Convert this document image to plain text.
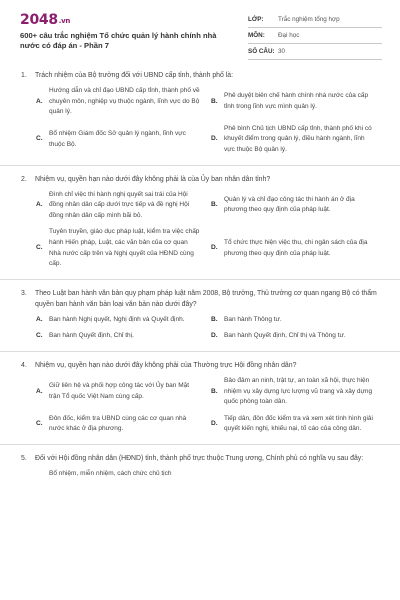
2048.vn
600+ câu trắc nghiệm Tổ chức quản lý hành chính nhà nước có đáp án - Phần 7
LỚP:	Trắc nghiệm tổng hợp
MÔN:	Đại học
SỐ CÂU: 30
1.	Trách nhiệm của Bộ trưởng đối với UBND cấp tỉnh, thành phố là:
A.
Hướng dẫn và chỉ đạo UBND cấp tỉnh, thành phố về chuyên môn, nghiệp vụ thuộc ngành, lĩnh vực do Bộ quản lý.
B.
Phê duyệt biên chế hành chính nhà nước của cấp tỉnh trong lĩnh vực mình quản lý.
C.
Bổ nhiệm Giám đốc Sở quản lý ngành, lĩnh vực thuộc Bộ.
D.
Phê bình Chủ tịch UBND cấp tỉnh, thành phố khi có khuyết điểm trong quản lý, điều hành ngành, lĩnh vực thuộc Bộ quản lý.
2.	Nhiệm vụ, quyền hạn nào dưới đây không phải là của Ủy ban nhân dân tỉnh?
A.
Đình chỉ việc thi hành nghị quyết sai trái của Hội đồng nhân dân cấp dưới trực tiếp và đề nghị Hội đồng nhân dân cấp mình bãi bỏ.
B.
Quản lý và chỉ đạo công tác thi hành án ở địa phương theo quy định của pháp luật.
C.
Tuyên truyền, giáo dục pháp luật, kiểm tra việc chấp hành Hiến pháp, Luật, các văn bản của cơ quan Nhà nước cấp trên và Nghị quyết của HĐND cùng cấp.
D.
Tổ chức thực hiện việc thu, chi ngân sách của địa phương theo quy định của pháp luật.
3.	Theo Luật ban hành văn bản quy phạm pháp luật năm 2008, Bộ trưởng, Thủ trưởng cơ quan ngang Bộ có thẩm quyền ban hành văn bản loại văn bản nào dưới đây?
A. Ban hành Nghị quyết, Nghị định và Quyết định.	B. Ban hành Thông tư.
C. Ban hành Quyết định, Chỉ thị.	D. Ban hành Quyết định, Chỉ thị và Thông tư.
4.	Nhiệm vụ, quyền hạn nào dưới đây không phải của Thường trực Hội đồng nhân dân?
A.
Giữ liên hệ và phối hợp công tác với Ủy ban Mặt trận Tổ quốc Việt Nam cùng cấp.
B.
Bảo đảm an ninh, trật tự, an toàn xã hội, thực hiện nhiệm vụ xây dựng lực lượng vũ trang và xây dựng quốc phòng toàn dân.
C.
Đôn đốc, kiểm tra UBND cùng các cơ quan nhà nước khác ở địa phương.
D.
Tiếp dân, đôn đốc kiểm tra và xem xét tình hình giải quyết kiến nghị, khiếu nại, tố cáo của công dân.
5.	Đối với Hội đồng nhân dân (HĐND) tỉnh, thành phố trực thuộc Trung ương, Chính phủ có nghĩa vụ sau đây:
Bổ nhiệm, miễn nhiệm, cách chức chủ tịch
